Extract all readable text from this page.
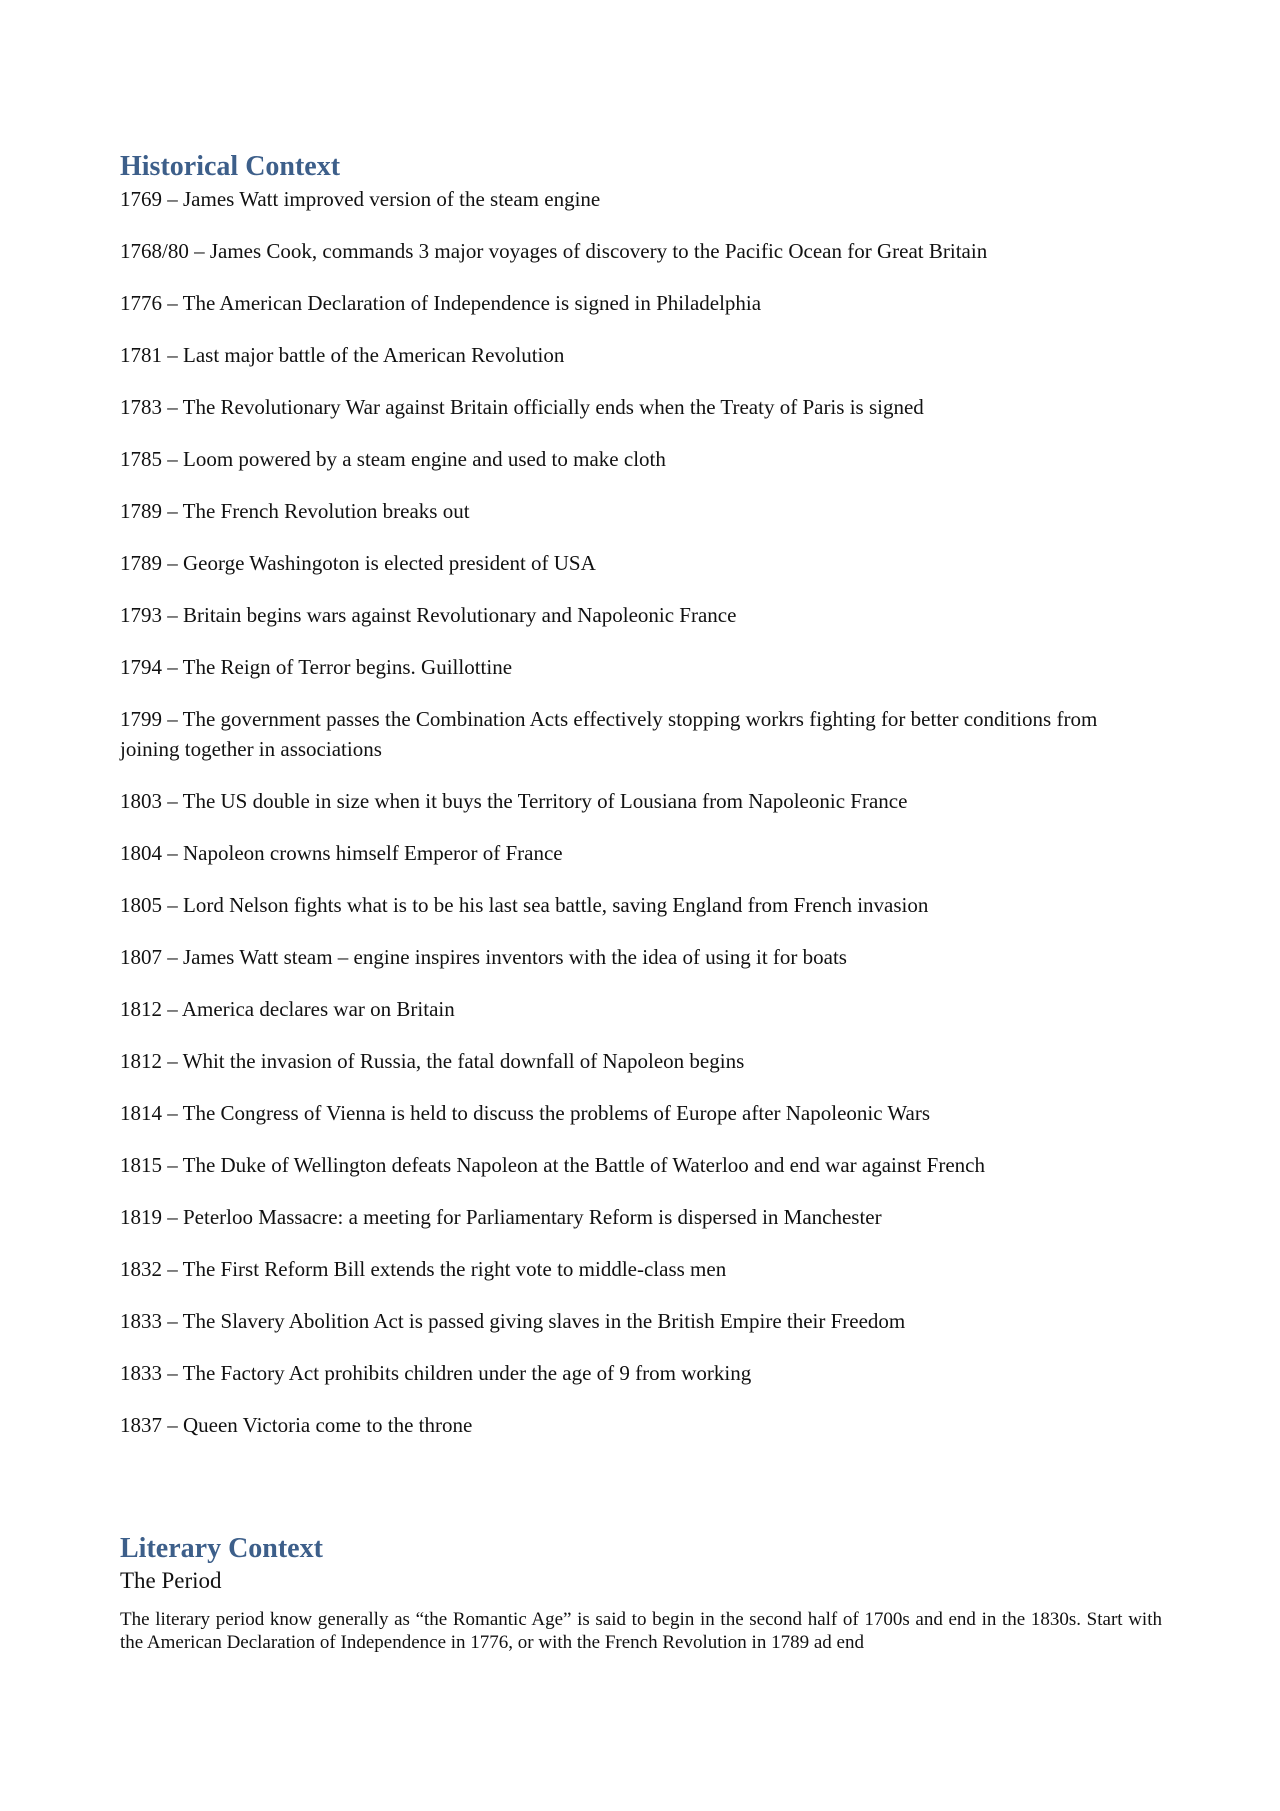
Historical Context
1769 – James Watt improved version of the steam engine
1768/80 – James Cook, commands 3 major voyages of discovery to the Pacific Ocean for Great Britain
1776 – The American Declaration of Independence is signed in Philadelphia
1781 – Last major battle of the American Revolution
1783 – The Revolutionary War against Britain officially ends when the Treaty of Paris is signed
1785 – Loom powered by a steam engine and used to make cloth
1789 – The French Revolution breaks out
1789 – George Washingoton is elected president of USA
1793 – Britain begins wars against Revolutionary and Napoleonic France
1794 – The Reign of Terror begins. Guillottine
1799 – The government passes the Combination Acts effectively stopping workrs fighting for better conditions from joining together in associations
1803 – The US double in size when it buys the Territory of Lousiana from Napoleonic France
1804 – Napoleon crowns himself Emperor of France
1805 – Lord Nelson fights what is to be his last sea battle, saving England from French invasion
1807 – James Watt steam – engine inspires inventors with the idea of using it for boats
1812 – America declares war on Britain
1812 – Whit the invasion of Russia, the fatal downfall of Napoleon begins
1814 – The Congress of Vienna is held to discuss the problems of Europe after Napoleonic Wars
1815 – The Duke of Wellington defeats Napoleon at the Battle of Waterloo and end war against French
1819 – Peterloo Massacre: a meeting for Parliamentary Reform is dispersed in Manchester
1832 – The First Reform Bill extends the right vote to middle-class men
1833 – The Slavery Abolition Act is passed giving slaves in the British Empire their Freedom
1833 – The Factory Act prohibits children under the age of 9 from working
1837 – Queen Victoria come to the throne
Literary Context
The Period

The literary period know generally as “the Romantic Age” is said to begin in the second half of 1700s and end in the 1830s. Start with the American Declaration of Independence in 1776, or with the French Revolution in 1789 ad end
